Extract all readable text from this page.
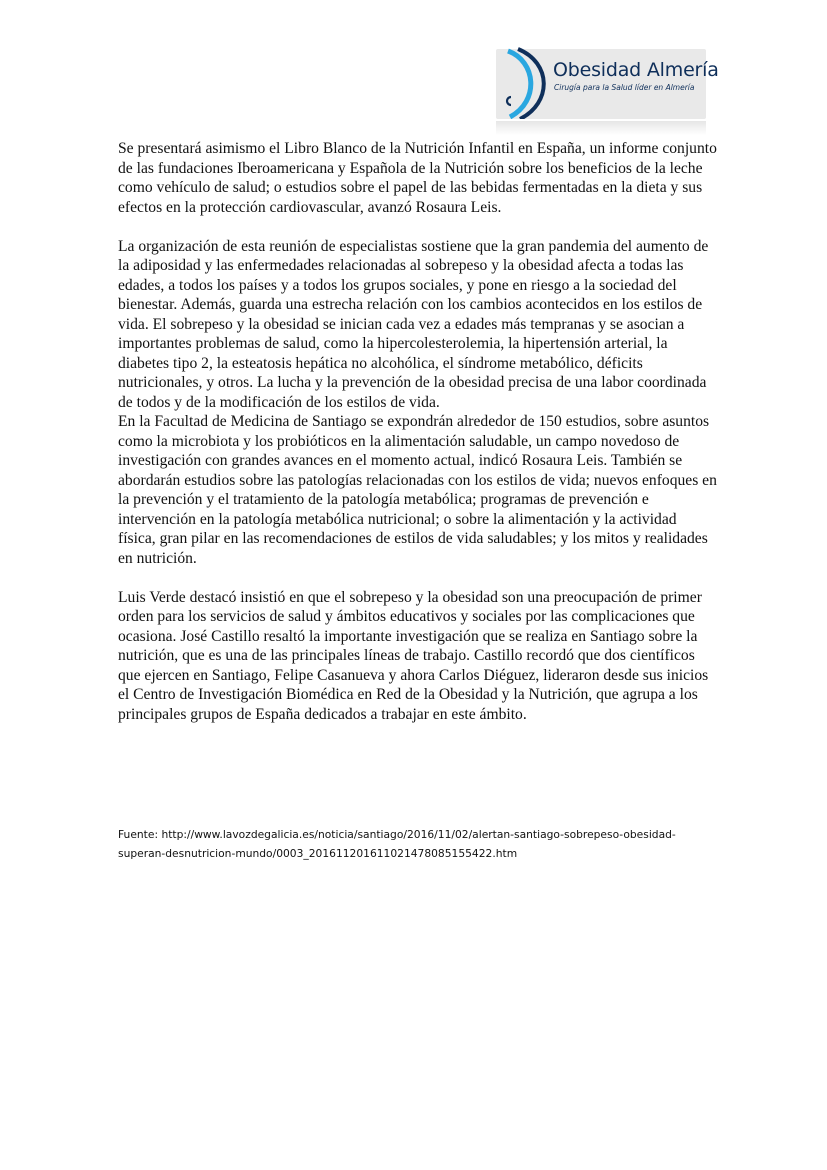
Obesidad Almería
Cirugía para la Salud líder en Almería

Se presentará asimismo el Libro Blanco de la Nutrición Infantil en España, un informe conjunto de las fundaciones Iberoamericana y Española de la Nutrición sobre los beneficios de la leche como vehículo de salud; o estudios sobre el papel de las bebidas fermentadas en la dieta y sus efectos en la protección cardiovascular, avanzó Rosaura Leis.

La organización de esta reunión de especialistas sostiene que la gran pandemia del aumento de la adiposidad y las enfermedades relacionadas al sobrepeso y la obesidad afecta a todas las edades, a todos los países y a todos los grupos sociales, y pone en riesgo a la sociedad del bienestar. Además, guarda una estrecha relación con los cambios acontecidos en los estilos de vida. El sobrepeso y la obesidad se inician cada vez a edades más tempranas y se asocian a importantes problemas de salud, como la hipercolesterolemia, la hipertensión arterial, la diabetes tipo 2, la esteatosis hepática no alcohólica, el síndrome metabólico, déficits nutricionales, y otros. La lucha y la prevención de la obesidad precisa de una labor coordinada de todos y de la modificación de los estilos de vida.

En la Facultad de Medicina de Santiago se expondrán alrededor de 150 estudios, sobre asuntos como la microbiota y los probióticos en la alimentación saludable, un campo novedoso de investigación con grandes avances en el momento actual, indicó Rosaura Leis. También se abordarán estudios sobre las patologías relacionadas con los estilos de vida; nuevos enfoques en la prevención y el tratamiento de la patología metabólica; programas de prevención e intervención en la patología metabólica nutricional; o sobre la alimentación y la actividad física, gran pilar en las recomendaciones de estilos de vida saludables; y los mitos y realidades en nutrición.

Luis Verde destacó insistió en que el sobrepeso y la obesidad son una preocupación de primer orden para los servicios de salud y ámbitos educativos y sociales por las complicaciones que ocasiona. José Castillo resaltó la importante investigación que se realiza en Santiago sobre la nutrición, que es una de las principales líneas de trabajo. Castillo recordó que dos científicos que ejercen en Santiago, Felipe Casanueva y ahora Carlos Diéguez, lideraron desde sus inicios el Centro de Investigación Biomédica en Red de la Obesidad y la Nutrición, que agrupa a los principales grupos de España dedicados a trabajar en este ámbito.

Fuente: http://www.lavozdegalicia.es/noticia/santiago/2016/11/02/alertan-santiago-sobrepeso-obesidad-superan-desnutricion-mundo/0003_201611201611021478085155422.htm
